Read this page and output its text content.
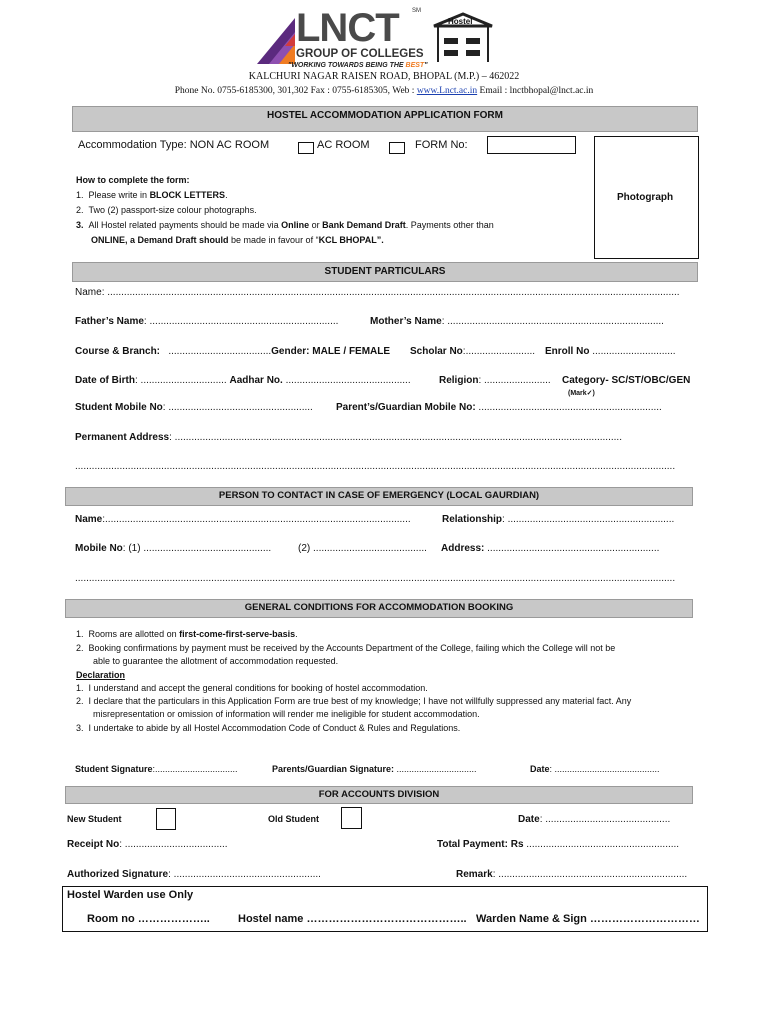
LNCT SM
GROUP OF COLLEGES
"WORKING TOWARDS BEING THE BEST"
Hostel
KALCHURI NAGAR RAISEN ROAD, BHOPAL (M.P.) – 462022
Phone No. 0755-6185300, 301,302 Fax : 0755-6185305, Web : www.Lnct.ac.in Email : lnctbhopal@lnct.ac.in
HOSTEL ACCOMMODATION APPLICATION FORM
Accommodation Type: NON AC ROOM	AC ROOM	FORM No:
Photograph
How to complete the form:
1. Please write in BLOCK LETTERS.
2. Two (2) passport-size colour photographs.
3. All Hostel related payments should be made via Online or Bank Demand Draft. Payments other than
ONLINE, a Demand Draft should be made in favour of “KCL BHOPAL”.
STUDENT PARTICULARS
Name: ..............................................................................................................................................................................................................
Father’s Name: ....................................................................	Mother’s Name: ..............................................................................
Course & Branch:   .....................................Gender: MALE / FEMALE Scholar No:......................... Enroll No ..............................
Date of Birth: ............................... Aadhar No. .............................................	Religion: ........................ Category- SC/ST/OBC/GEN
(Mark✓)
Student Mobile No: .................................................... Parent’s/Guardian Mobile No: ..................................................................
Permanent Address: .................................................................................................................................................................
........................................................................................................................................................................................................................
PERSON TO CONTACT IN CASE OF EMERGENCY (LOCAL GAURDIAN)
Name:..............................................................................................................	Relationship: ............................................................
Mobile No: (1) ..............................................	(2) ......................................... Address: ..............................................................
........................................................................................................................................................................................................................
GENERAL CONDITIONS FOR ACCOMMODATION BOOKING
1. Rooms are allotted on first-come-first-serve-basis.
2. Booking confirmations by payment must be received by the Accounts Department of the College, failing which the College will not be
able to guarantee the allotment of accommodation requested.
Declaration
1. I understand and accept the general conditions for booking of hostel accommodation.
2. I declare that the particulars in this Application Form are true best of my knowledge; I have not willfully suppressed any material fact. Any
misrepresentation or omission of information will render me ineligible for student accommodation.
3. I undertake to abide by all Hostel Accommodation Code of Conduct & Rules and Regulations.
Student Signature:.................................	Parents/Guardian Signature: ................................	Date: ..........................................
FOR ACCOUNTS DIVISION
New Student	Old Student	Date: .............................................
Receipt No: .....................................	Total Payment: Rs .......................................................
Authorized Signature: .....................................................	Remark: ....................................................................
Hostel Warden use Only
Room no ………………..	Hostel name …………………………………….. Warden Name & Sign …………………………
